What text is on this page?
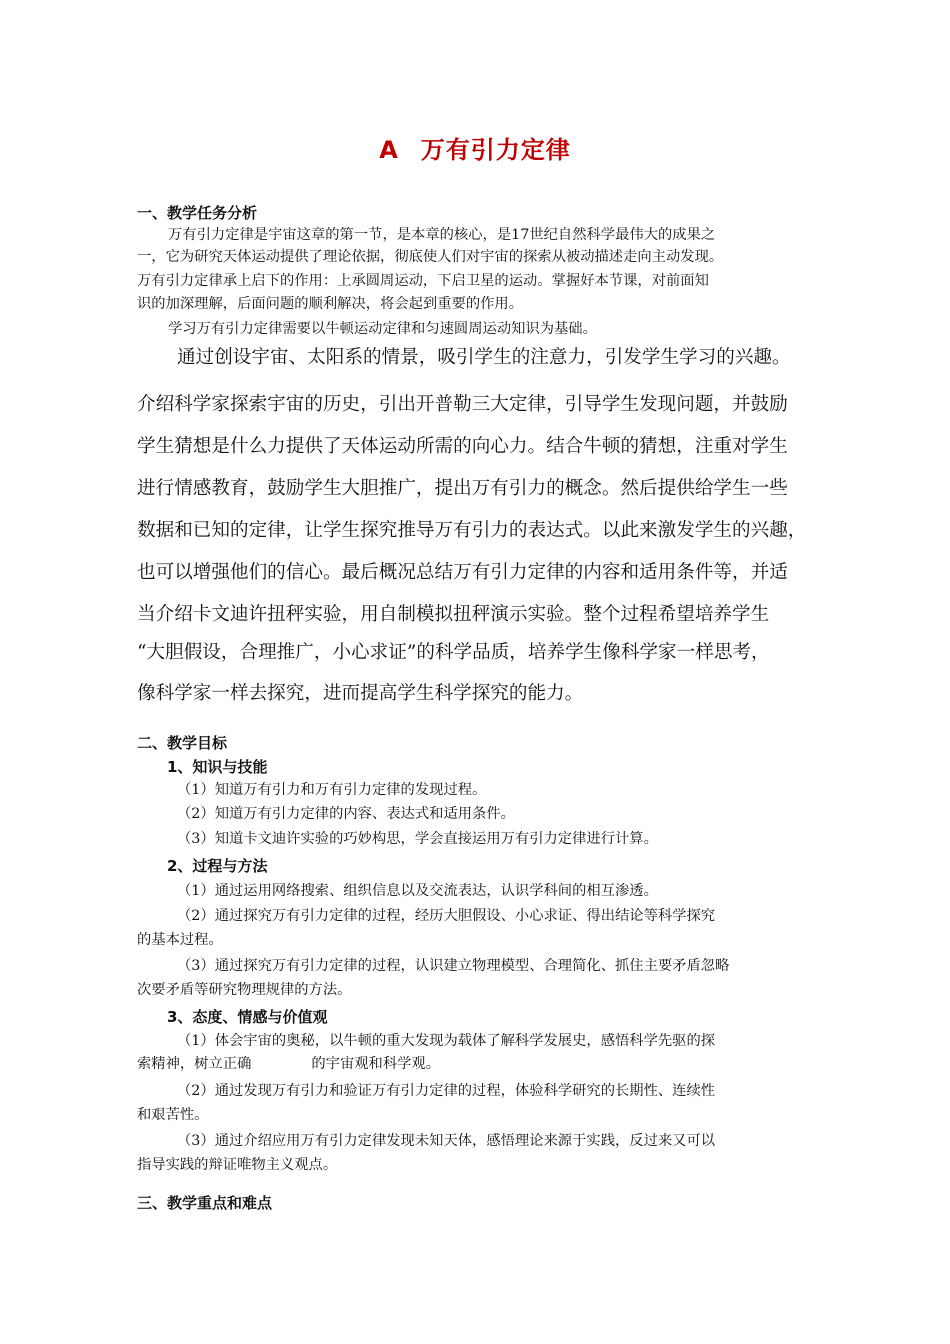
A 万有引力定律
一、教学任务分析
万有引力定律是宇宙这章的第一节，是本章的核心，是17世纪自然科学最伟大的成果之
一，它为研究天体运动提供了理论依据，彻底使人们对宇宙的探索从被动描述走向主动发现。
万有引力定律承上启下的作用：上承圆周运动，下启卫星的运动。掌握好本节课，对前面知
识的加深理解，后面问题的顺利解决，将会起到重要的作用。
学习万有引力定律需要以牛顿运动定律和匀速圆周运动知识为基础。
通过创设宇宙、太阳系的情景，吸引学生的注意力，引发学生学习的兴趣。
介绍科学家探索宇宙的历史，引出开普勒三大定律，引导学生发现问题，并鼓励
学生猜想是什么力提供了天体运动所需的向心力。结合牛顿的猜想，注重对学生
进行情感教育，鼓励学生大胆推广，提出万有引力的概念。然后提供给学生一些
数据和已知的定律，让学生探究推导万有引力的表达式。以此来激发学生的兴趣，
也可以增强他们的信心。最后概况总结万有引力定律的内容和适用条件等，并适
当介绍卡文迪许扭秤实验，用自制模拟扭秤演示实验。整个过程希望培养学生
“大胆假设，合理推广，小心求证”的科学品质，培养学生像科学家一样思考，
像科学家一样去探究，进而提高学生科学探究的能力。
二、教学目标
1、知识与技能
（1）知道万有引力和万有引力定律的发现过程。
（2）知道万有引力定律的内容、表达式和适用条件。
（3）知道卡文迪许实验的巧妙构思，学会直接运用万有引力定律进行计算。
2、过程与方法
（1）通过运用网络搜索、组织信息以及交流表达，认识学科间的相互渗透。
（2）通过探究万有引力定律的过程，经历大胆假设、小心求证、得出结论等科学探究
的基本过程。
（3）通过探究万有引力定律的过程，认识建立物理模型、合理简化、抓住主要矛盾忽略
次要矛盾等研究物理规律的方法。
3、态度、情感与价值观
（1）体会宇宙的奥秘，以牛顿的重大发现为载体了解科学发展史，感悟科学先驱的探
索精神，树立正确	的宇宙观和科学观。
（2）通过发现万有引力和验证万有引力定律的过程，体验科学研究的长期性、连续性
和艰苦性。
（3）通过介绍应用万有引力定律发现未知天体，感悟理论来源于实践，反过来又可以
指导实践的辩证唯物主义观点。
三、教学重点和难点
